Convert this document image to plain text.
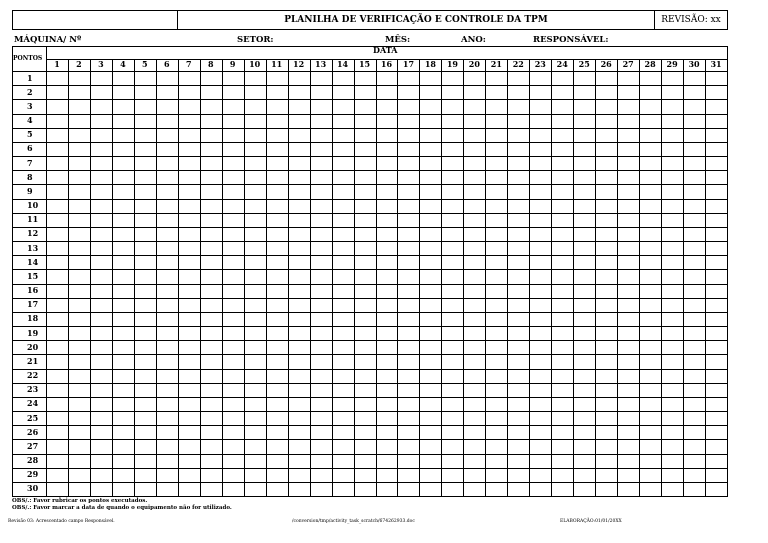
PLANILHA DE VERIFICAÇÃO E CONTROLE DA TPM	REVISÃO: xx
MÁQUINA/ Nº	SETOR:	MÊS:	ANO:	RESPONSÁVEL:
PONTOS
DATA
1	2	3	4	5	6	7	8	9	10	11	12	13	14	15	16	17	18	19	20	21	22	23	24	25	26	27	28	29	30	31
1
2
3
4
5
6
7
8
9
10
11
12
13
14
15
16
17
18
19
20
21
22
23
24
25
26
27
28
29
30
OBS/.: Favor rubricar os pontos executados.
OBS/.: Favor marcar a data de quando o equipamento não for utilizado.
Revisão 03: Acrescentado campo Responsável.	/conversion/tmp/activity_task_scratch/674262933.doc	ELABORAÇÃO:01/01/20XX
